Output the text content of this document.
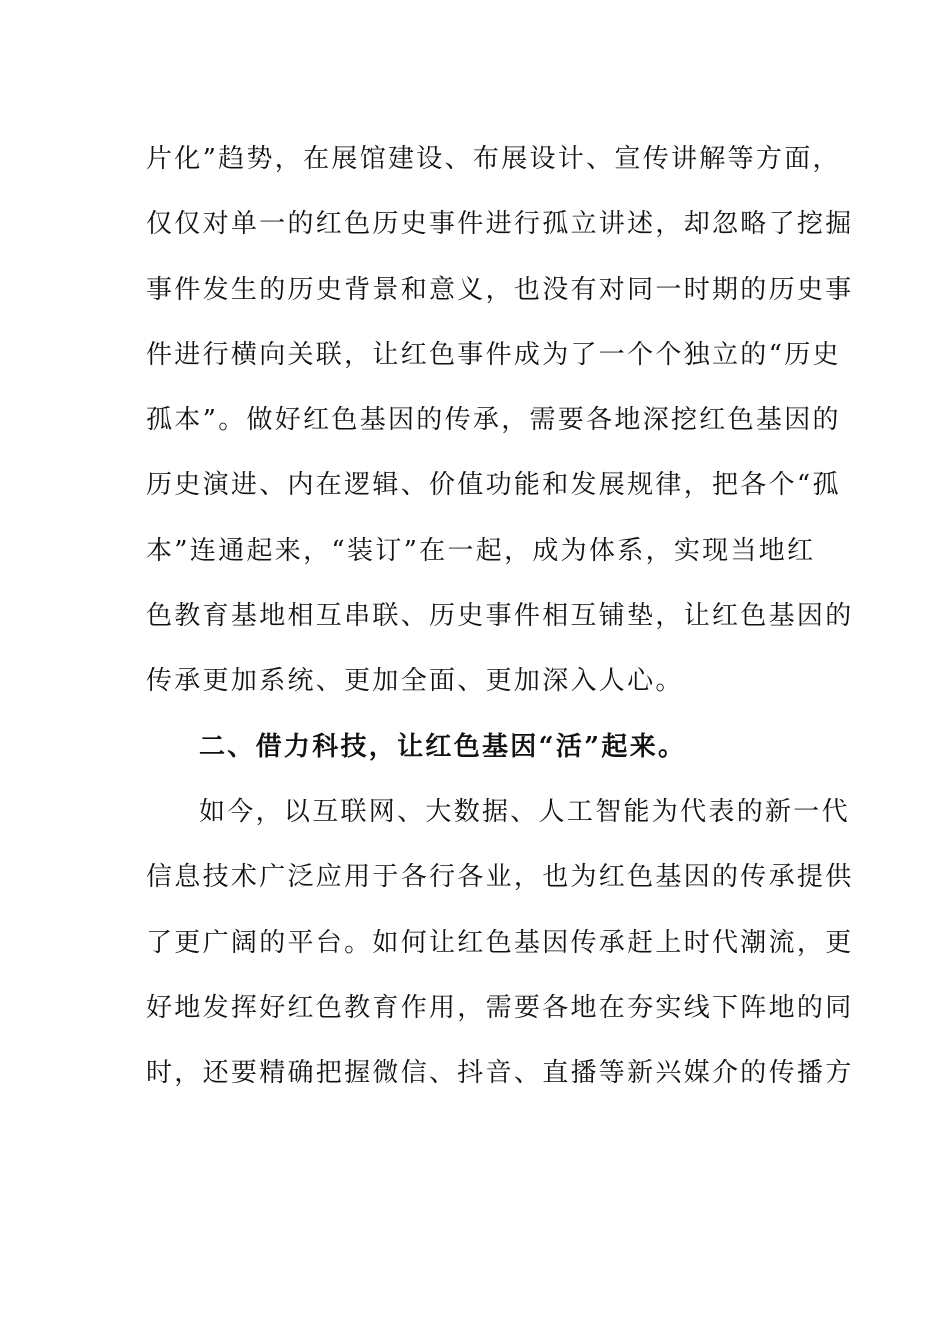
片化”趋势，在展馆建设、布展设计、宣传讲解等方面，
仅仅对单一的红色历史事件进行孤立讲述，却忽略了挖掘
事件发生的历史背景和意义，也没有对同一时期的历史事
件进行横向关联，让红色事件成为了一个个独立的“历史
孤本”。做好红色基因的传承，需要各地深挖红色基因的
历史演进、内在逻辑、价值功能和发展规律，把各个“孤
本”连通起来，“装订”在一起，成为体系，实现当地红
色教育基地相互串联、历史事件相互铺垫，让红色基因的
传承更加系统、更加全面、更加深入人心。
二、借力科技，让红色基因“活”起来。
如今，以互联网、大数据、人工智能为代表的新一代
信息技术广泛应用于各行各业，也为红色基因的传承提供
了更广阔的平台。如何让红色基因传承赶上时代潮流，更
好地发挥好红色教育作用，需要各地在夯实线下阵地的同
时，还要精确把握微信、抖音、直播等新兴媒介的传播方
